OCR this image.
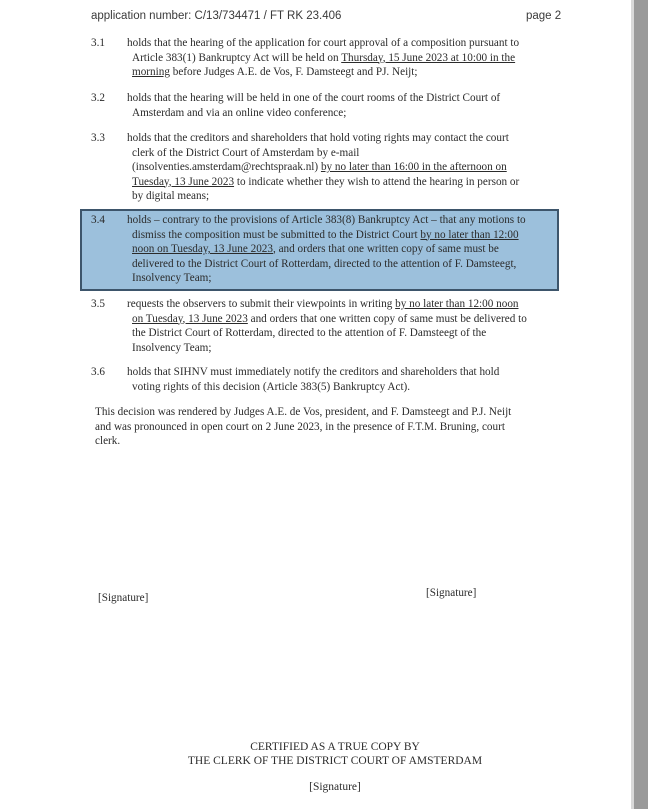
application number: C/13/734471 / FT RK 23.406	page 2
3.1 holds that the hearing of the application for court approval of a composition pursuant to
Article 383(1) Bankruptcy Act will be held on Thursday, 15 June 2023 at 10:00 in the
morning before Judges A.E. de Vos, F. Damsteegt and PJ. Neijt;
3.2 holds that the hearing will be held in one of the court rooms of the District Court of
Amsterdam and via an online video conference;
3.3 holds that the creditors and shareholders that hold voting rights may contact the court
clerk of the District Court of Amsterdam by e-mail
(insolventies.amsterdam@rechtspraak.nl) by no later than 16:00 in the afternoon on
Tuesday, 13 June 2023 to indicate whether they wish to attend the hearing in person or
by digital means;
3.4 holds – contrary to the provisions of Article 383(8) Bankruptcy Act – that any motions to
dismiss the composition must be submitted to the District Court by no later than 12:00
noon on Tuesday, 13 June 2023, and orders that one written copy of same must be
delivered to the District Court of Rotterdam, directed to the attention of F. Damsteegt,
Insolvency Team;
3.5 requests the observers to submit their viewpoints in writing by no later than 12:00 noon
on Tuesday, 13 June 2023 and orders that one written copy of same must be delivered to
the District Court of Rotterdam, directed to the attention of F. Damsteegt of the
Insolvency Team;
3.6 holds that SIHNV must immediately notify the creditors and shareholders that hold
voting rights of this decision (Article 383(5) Bankruptcy Act).
This decision was rendered by Judges A.E. de Vos, president, and F. Damsteegt and P.J. Neijt
and was pronounced in open court on 2 June 2023, in the presence of F.T.M. Bruning, court
clerk.
[Signature]	[Signature]
CERTIFIED AS A TRUE COPY BY
THE CLERK OF THE DISTRICT COURT OF AMSTERDAM
[Signature]
